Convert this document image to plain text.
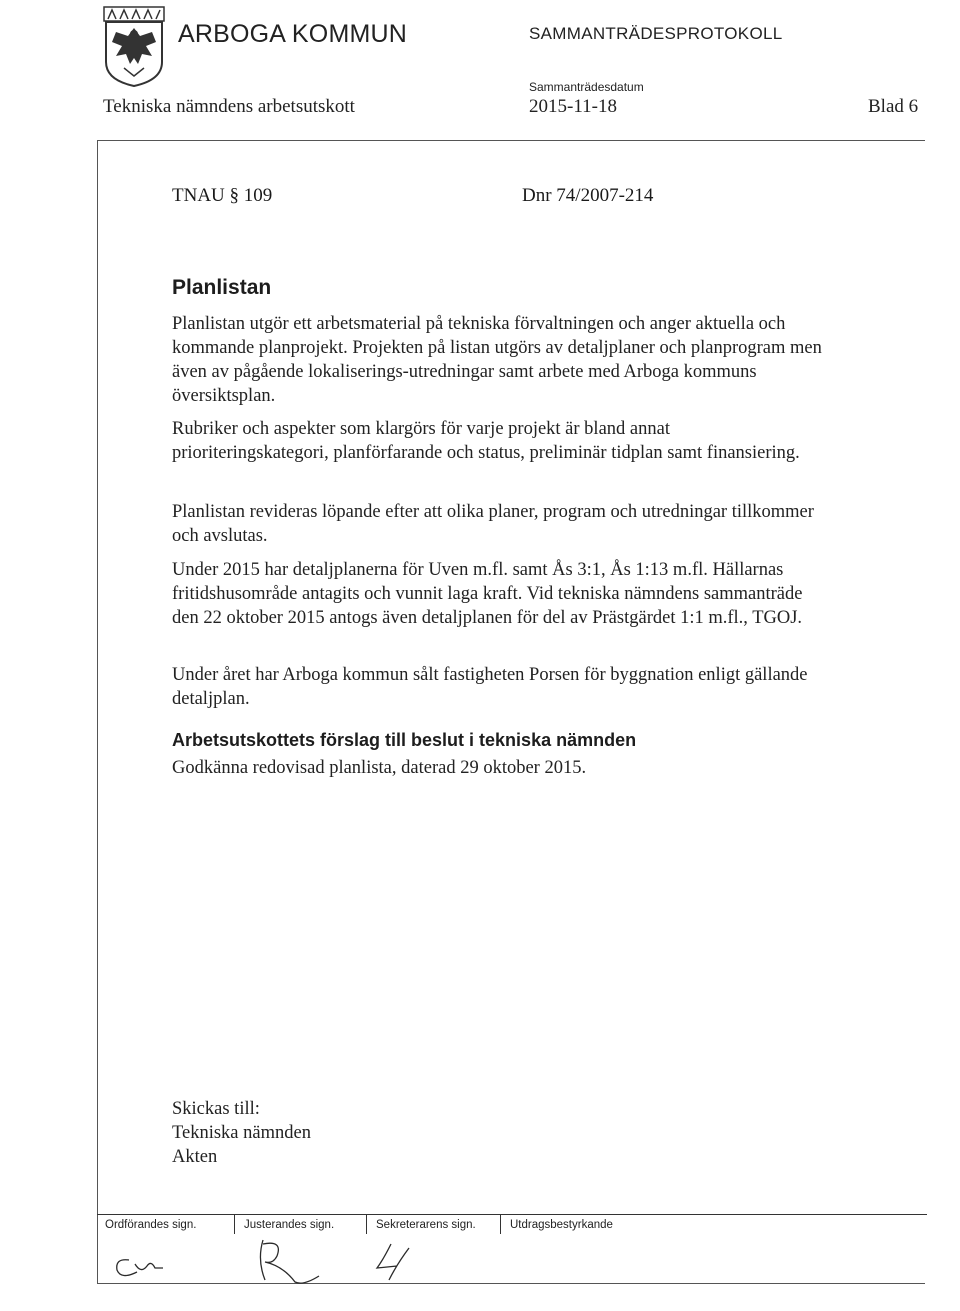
ARBOGA KOMMUN	SAMMANTRÄDESPROTOKOLL
Sammanträdesdatum
Tekniska nämndens arbetsutskott	2015-11-18	Blad 6
TNAU § 109	Dnr 74/2007-214
Planlistan

Planlistan utgör ett arbetsmaterial på tekniska förvaltningen och anger aktuella och kommande planprojekt. Projekten på listan utgörs av detaljplaner och planprogram men även av pågående lokaliserings-utredningar samt arbete med Arboga kommuns översiktsplan.

Rubriker och aspekter som klargörs för varje projekt är bland annat prioriteringskategori, planförfarande och status, preliminär tidplan samt finansiering.

Planlistan revideras löpande efter att olika planer, program och utredningar tillkommer och avslutas.

Under 2015 har detaljplanerna för Uven m.fl. samt Ås 3:1, Ås 1:13 m.fl. Hällarnas fritidshusområde antagits och vunnit laga kraft. Vid tekniska nämndens sammanträde den 22 oktober 2015 antogs även detaljplanen för del av Prästgärdet 1:1 m.fl., TGOJ.

Under året har Arboga kommun sålt fastigheten Porsen för byggnation enligt gällande detaljplan.

Arbetsutskottets förslag till beslut i tekniska nämnden
Godkänna redovisad planlista, daterad 29 oktober 2015.
Skickas till:
Tekniska nämnden
Akten
Ordförandes sign.	Justerandes sign.	Sekreterarens sign.	Utdragsbestyrkande
